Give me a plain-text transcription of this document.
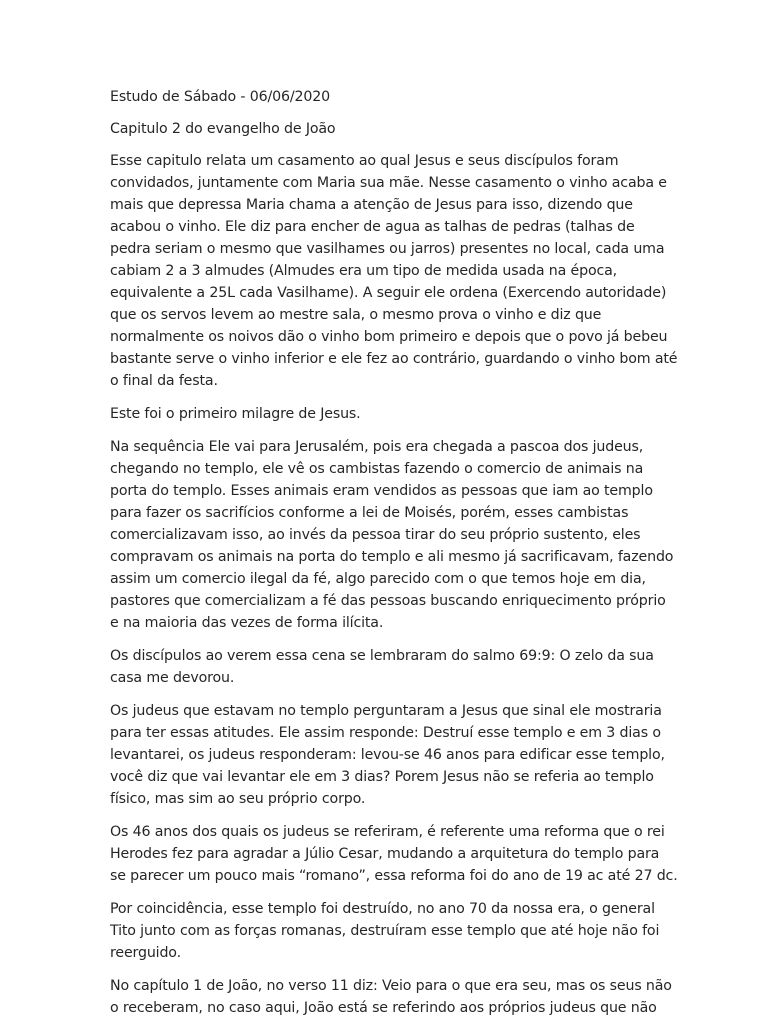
Estudo de Sábado - 06/06/2020

Capitulo 2 do evangelho de João

Esse capitulo relata um casamento ao qual Jesus e seus discípulos foram convidados, juntamente com Maria sua mãe. Nesse casamento o vinho acaba e mais que depressa Maria chama a atenção de Jesus para isso, dizendo que acabou o vinho. Ele diz para encher de agua as talhas de pedras (talhas de pedra seriam o mesmo que vasilhames ou jarros) presentes no local, cada uma cabiam 2 a 3 almudes (Almudes era um tipo de medida usada na época, equivalente a 25L cada Vasilhame). A seguir ele ordena (Exercendo autoridade) que os servos levem ao mestre sala, o mesmo prova o vinho e diz que normalmente os noivos dão o vinho bom primeiro e depois que o povo já bebeu bastante serve o vinho inferior e ele fez ao contrário, guardando o vinho bom até o final da festa.

Este foi o primeiro milagre de Jesus.

Na sequência Ele vai para Jerusalém, pois era chegada a pascoa dos judeus, chegando no templo, ele vê os cambistas fazendo o comercio de animais na porta do templo. Esses animais eram vendidos as pessoas que iam ao templo para fazer os sacrifícios conforme a lei de Moisés, porém, esses cambistas comercializavam isso, ao invés da pessoa tirar do seu próprio sustento, eles compravam os animais na porta do templo e ali mesmo já sacrificavam, fazendo assim um comercio ilegal da fé, algo parecido com o que temos hoje em dia, pastores que comercializam a fé das pessoas buscando enriquecimento próprio e na maioria das vezes de forma ilícita.

Os discípulos ao verem essa cena se lembraram do salmo 69:9: O zelo da sua casa me devorou.

Os judeus que estavam no templo perguntaram a Jesus que sinal ele mostraria para ter essas atitudes. Ele assim responde: Destruí esse templo e em 3 dias o levantarei, os judeus responderam: levou-se 46 anos para edificar esse templo, você diz que vai levantar ele em 3 dias? Porem Jesus não se referia ao templo físico, mas sim ao seu próprio corpo.

Os 46 anos dos quais os judeus se referiram, é referente uma reforma que o rei Herodes fez para agradar a Júlio Cesar, mudando a arquitetura do templo para se parecer um pouco mais “romano”, essa reforma foi do ano de 19 ac até 27 dc.

Por coincidência, esse templo foi destruído, no ano 70 da nossa era, o general Tito junto com as forças romanas, destruíram esse templo que até hoje não foi reerguido.

No capítulo 1 de João, no verso 11 diz: Veio para o que era seu, mas os seus não o receberam, no caso aqui, João está se referindo aos próprios judeus que não
